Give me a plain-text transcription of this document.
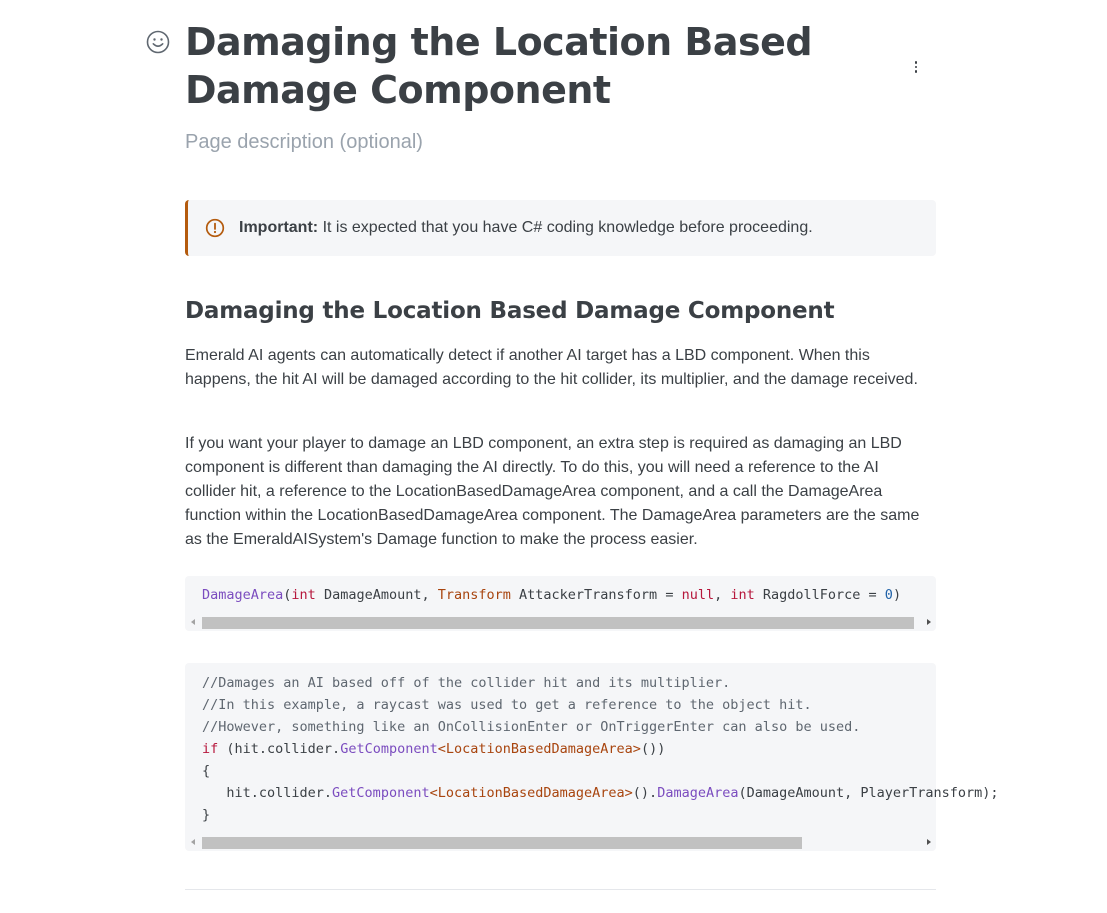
Damaging the Location Based Damage Component
Page description (optional)
Important: It is expected that you have C# coding knowledge before proceeding.
Damaging the Location Based Damage Component

Emerald AI agents can automatically detect if another AI target has a LBD component. When this happens, the hit AI will be damaged according to the hit collider, its multiplier, and the damage received.

If you want your player to damage an LBD component, an extra step is required as damaging an LBD component is different than damaging the AI directly. To do this, you will need a reference to the AI collider hit, a reference to the LocationBasedDamageArea component, and a call the DamageArea function within the LocationBasedDamageArea component. The DamageArea parameters are the same as the EmeraldAISystem's Damage function to make the process easier.

DamageArea(int DamageAmount, Transform AttackerTransform = null, int RagdollForce = 0)
//Damages an AI based off of the collider hit and its multiplier.
//In this example, a raycast was used to get a reference to the object hit.
//However, something like an OnCollisionEnter or OnTriggerEnter can also be used.
if (hit.collider.GetComponent<LocationBasedDamageArea>())
{
hit.collider.GetComponent<LocationBasedDamageArea>().DamageArea(DamageAmount, PlayerTransform);
}
